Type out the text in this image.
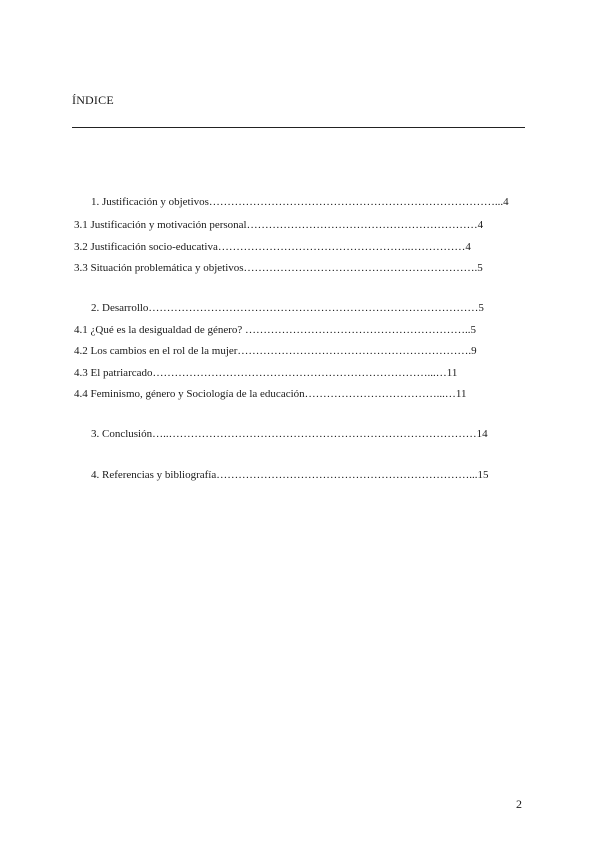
ÍNDICE
1. Justificación y objetivos……………………………………………………………………...4
3.1 Justificación y motivación personal………………………………………………………4
3.2 Justificación socio-educativa……………………………………………..……………4
3.3 Situación problemática y objetivos……………………………………………………….5
2. Desarrollo………………………………………………………………………………5
4.1 ¿Qué es la desigualdad de género? ……………………………………………………..5
4.2 Los cambios en el rol de la mujer……………………………………………………….9
4.3 El patriarcado…………………………………………………………………...…11
4.4 Feminismo, género y Sociología de la educación………………………………...…11
3. Conclusión…..…………………………………………………………………………14
4. Referencias y bibliografía……………………………………………………………...15
2
